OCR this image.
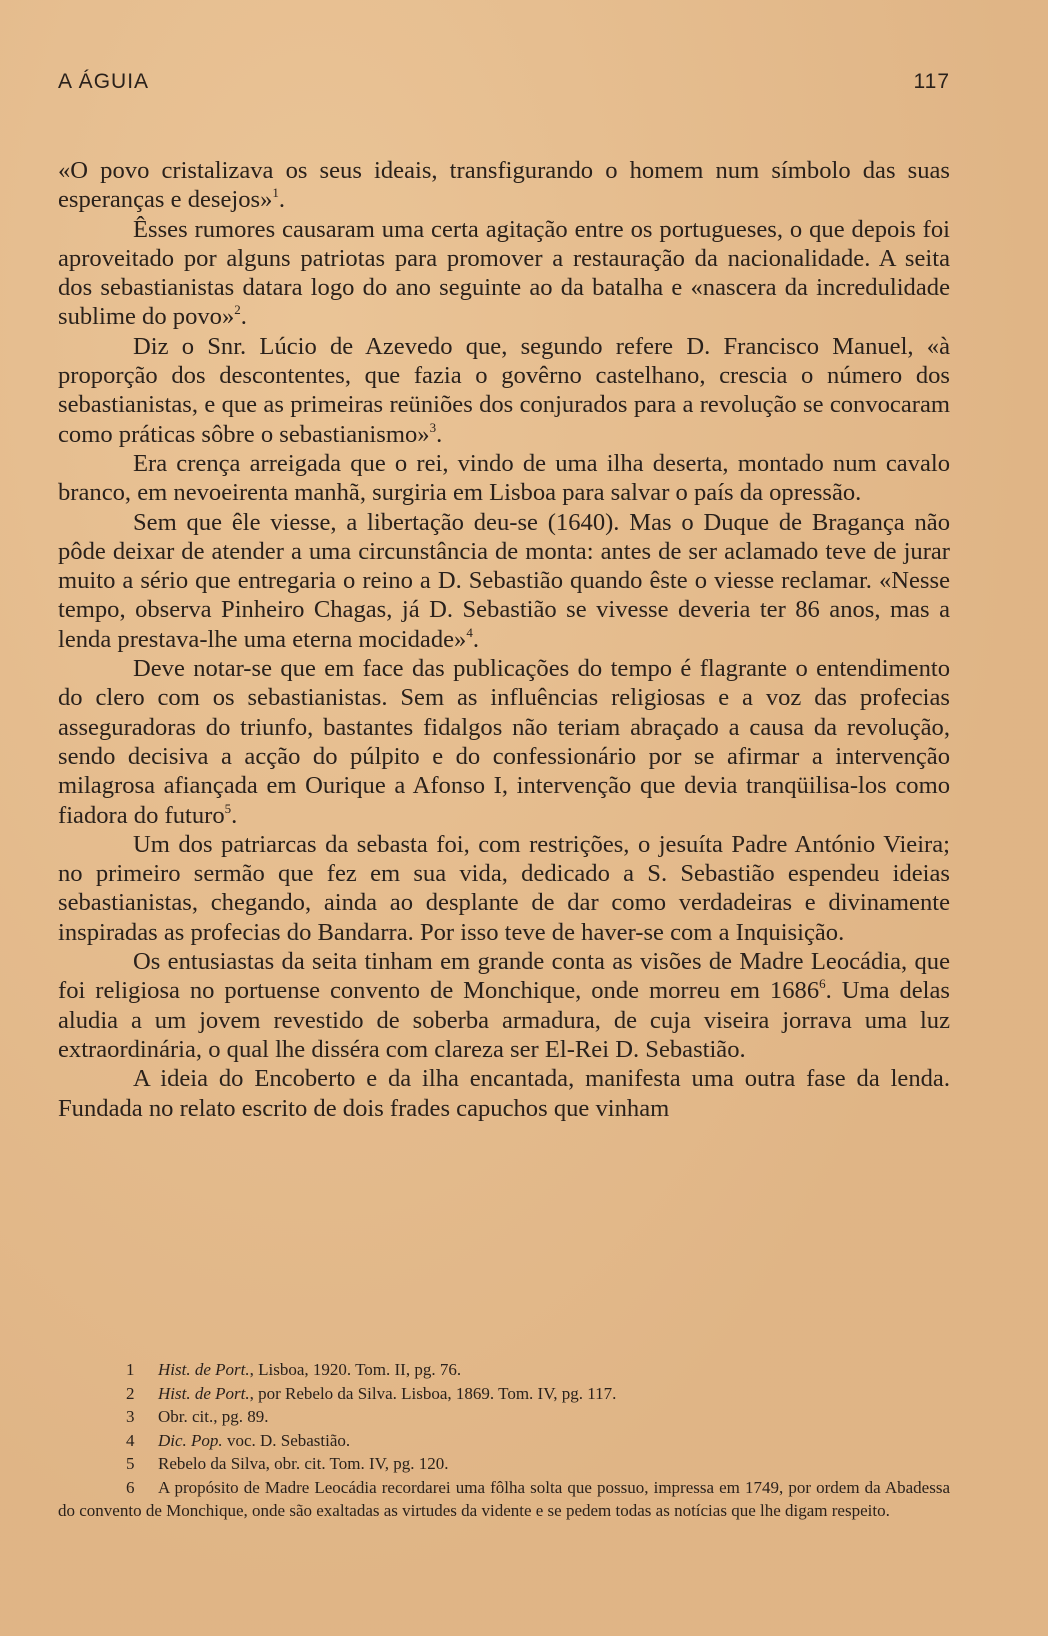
A ÁGUIA	117

«O povo cristalizava os seus ideais, transfigurando o homem num símbolo das suas esperanças e desejos»$^1$.

Êsses rumores causaram uma certa agitação entre os portugueses, o que depois foi aproveitado por alguns patriotas para promover a restauração da nacionalidade. A seita dos sebastianistas datara logo do ano seguinte ao da batalha e «nascera da incredulidade sublime do povo»$^2$.

Diz o Snr. Lúcio de Azevedo que, segundo refere D. Francisco Manuel, «à proporção dos descontentes, que fazia o govêrno castelhano, crescia o número dos sebastianistas, e que as primeiras reüniões dos conjurados para a revolução se convocaram como práticas sôbre o sebastianismo»$^3$.

Era crença arreigada que o rei, vindo de uma ilha deserta, montado num cavalo branco, em nevoeirenta manhã, surgiria em Lisboa para salvar o país da opressão.

Sem que êle viesse, a libertação deu-se (1640). Mas o Duque de Bragança não pôde deixar de atender a uma circunstância de monta: antes de ser aclamado teve de jurar muito a sério que entregaria o reino a D. Sebastião quando êste o viesse reclamar. «Nesse tempo, observa Pinheiro Chagas, já D. Sebastião se vivesse deveria ter 86 anos, mas a lenda prestava-lhe uma eterna mocidade»$^4$.

Deve notar-se que em face das publicações do tempo é flagrante o entendimento do clero com os sebastianistas. Sem as influências religiosas e a voz das profecias asseguradoras do triunfo, bastantes fidalgos não teriam abraçado a causa da revolução, sendo decisiva a acção do púlpito e do confessionário por se afirmar a intervenção milagrosa afiançada em Ourique a Afonso I, intervenção que devia tranqüilisa-los como fiadora do futuro$^5$.

Um dos patriarcas da sebasta foi, com restrições, o jesuíta Padre António Vieira; no primeiro sermão que fez em sua vida, dedicado a S. Sebastião espendeu ideias sebastianistas, chegando, ainda ao desplante de dar como verdadeiras e divinamente inspiradas as profecias do Bandarra. Por isso teve de haver-se com a Inquisição.

Os entusiastas da seita tinham em grande conta as visões de Madre Leocádia, que foi religiosa no portuense convento de Monchique, onde morreu em 1686$^6$. Uma delas aludia a um jovem revestido de soberba armadura, de cuja viseira jorrava uma luz extraordinária, o qual lhe disséra com clareza ser El-Rei D. Sebastião.

A ideia do Encoberto e da ilha encantada, manifesta uma outra fase da lenda. Fundada no relato escrito de dois frades capuchos que vinham

1 Hist. de Port., Lisboa, 1920. Tom. II, pg. 76.
2 Hist. de Port., por Rebelo da Silva. Lisboa, 1869. Tom. IV, pg. 117.
3 Obr. cit., pg. 89.
4 Dic. Pop. voc. D. Sebastião.
5 Rebelo da Silva, obr. cit. Tom. IV, pg. 120.
6 A propósito de Madre Leocádia recordarei uma fôlha solta que possuo, impressa em 1749, por ordem da Abadessa do convento de Monchique, onde são exaltadas as virtudes da vidente e se pedem todas as notícias que lhe digam respeito.
